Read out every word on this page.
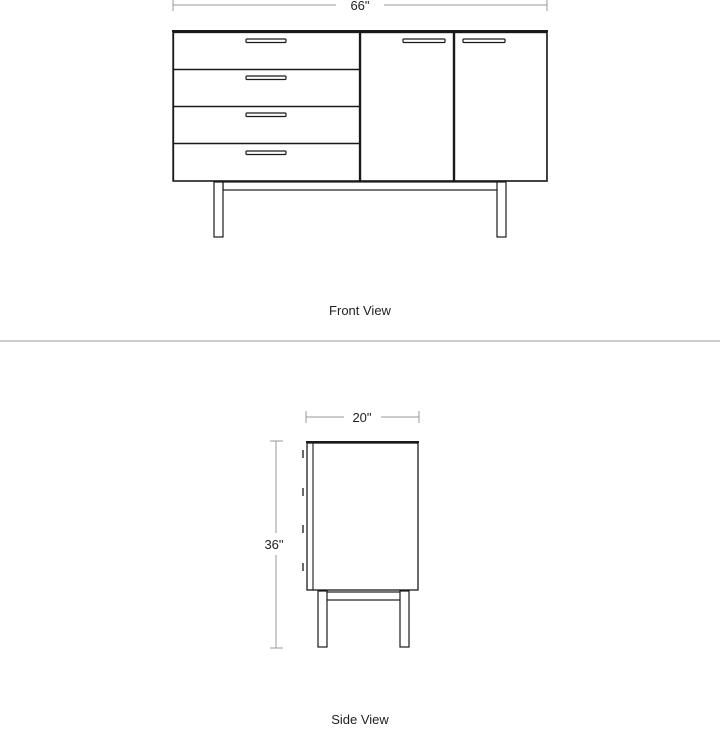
66"
Front View
20"
36"
Side View
